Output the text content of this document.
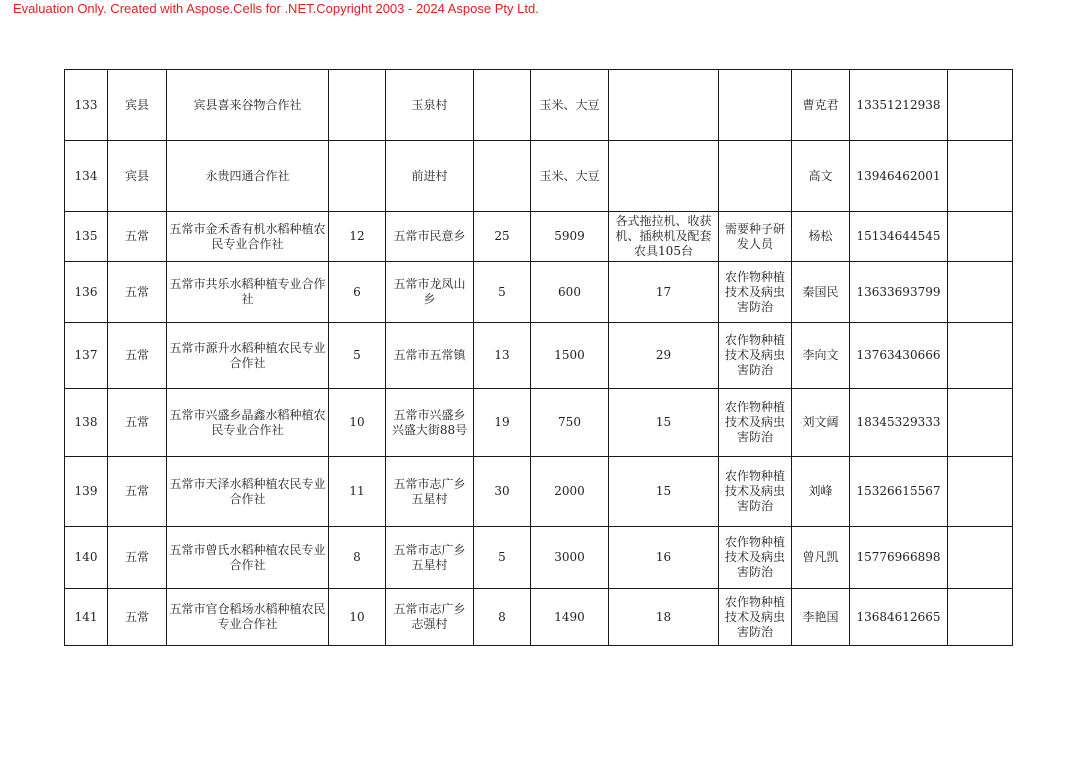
Evaluation Only. Created with Aspose.Cells for .NET.Copyright 2003 - 2024 Aspose Pty Ltd.
133	宾县	宾县喜来谷物合作社		玉泉村		玉米、大豆			曹克君	13351212938	
134	宾县	永贵四通合作社		前进村		玉米、大豆			高文	13946462001	
135	五常	五常市金禾香有机水稻种植农民专业合作社	12	五常市民意乡	25	5909	各式拖拉机、收获机、插秧机及配套农具105台	需要种子研发人员	杨松	15134644545	
136	五常	五常市共乐水稻种植专业合作社	6	五常市龙凤山乡	5	600	17	农作物种植技术及病虫害防治	秦国民	13633693799	
137	五常	五常市源升水稻种植农民专业合作社	5	五常市五常镇	13	1500	29	农作物种植技术及病虫害防治	李向文	13763430666	
138	五常	五常市兴盛乡晶鑫水稻种植农民专业合作社	10	五常市兴盛乡兴盛大街88号	19	750	15	农作物种植技术及病虫害防治	刘文阔	18345329333	
139	五常	五常市天泽水稻种植农民专业合作社	11	五常市志广乡五星村	30	2000	15	农作物种植技术及病虫害防治	刘峰	15326615567	
140	五常	五常市曾氏水稻种植农民专业合作社	8	五常市志广乡五星村	5	3000	16	农作物种植技术及病虫害防治	曾凡凯	15776966898	
141	五常	五常市官仓稻场水稻种植农民专业合作社	10	五常市志广乡志强村	8	1490	18	农作物种植技术及病虫害防治	李艳国	13684612665	
